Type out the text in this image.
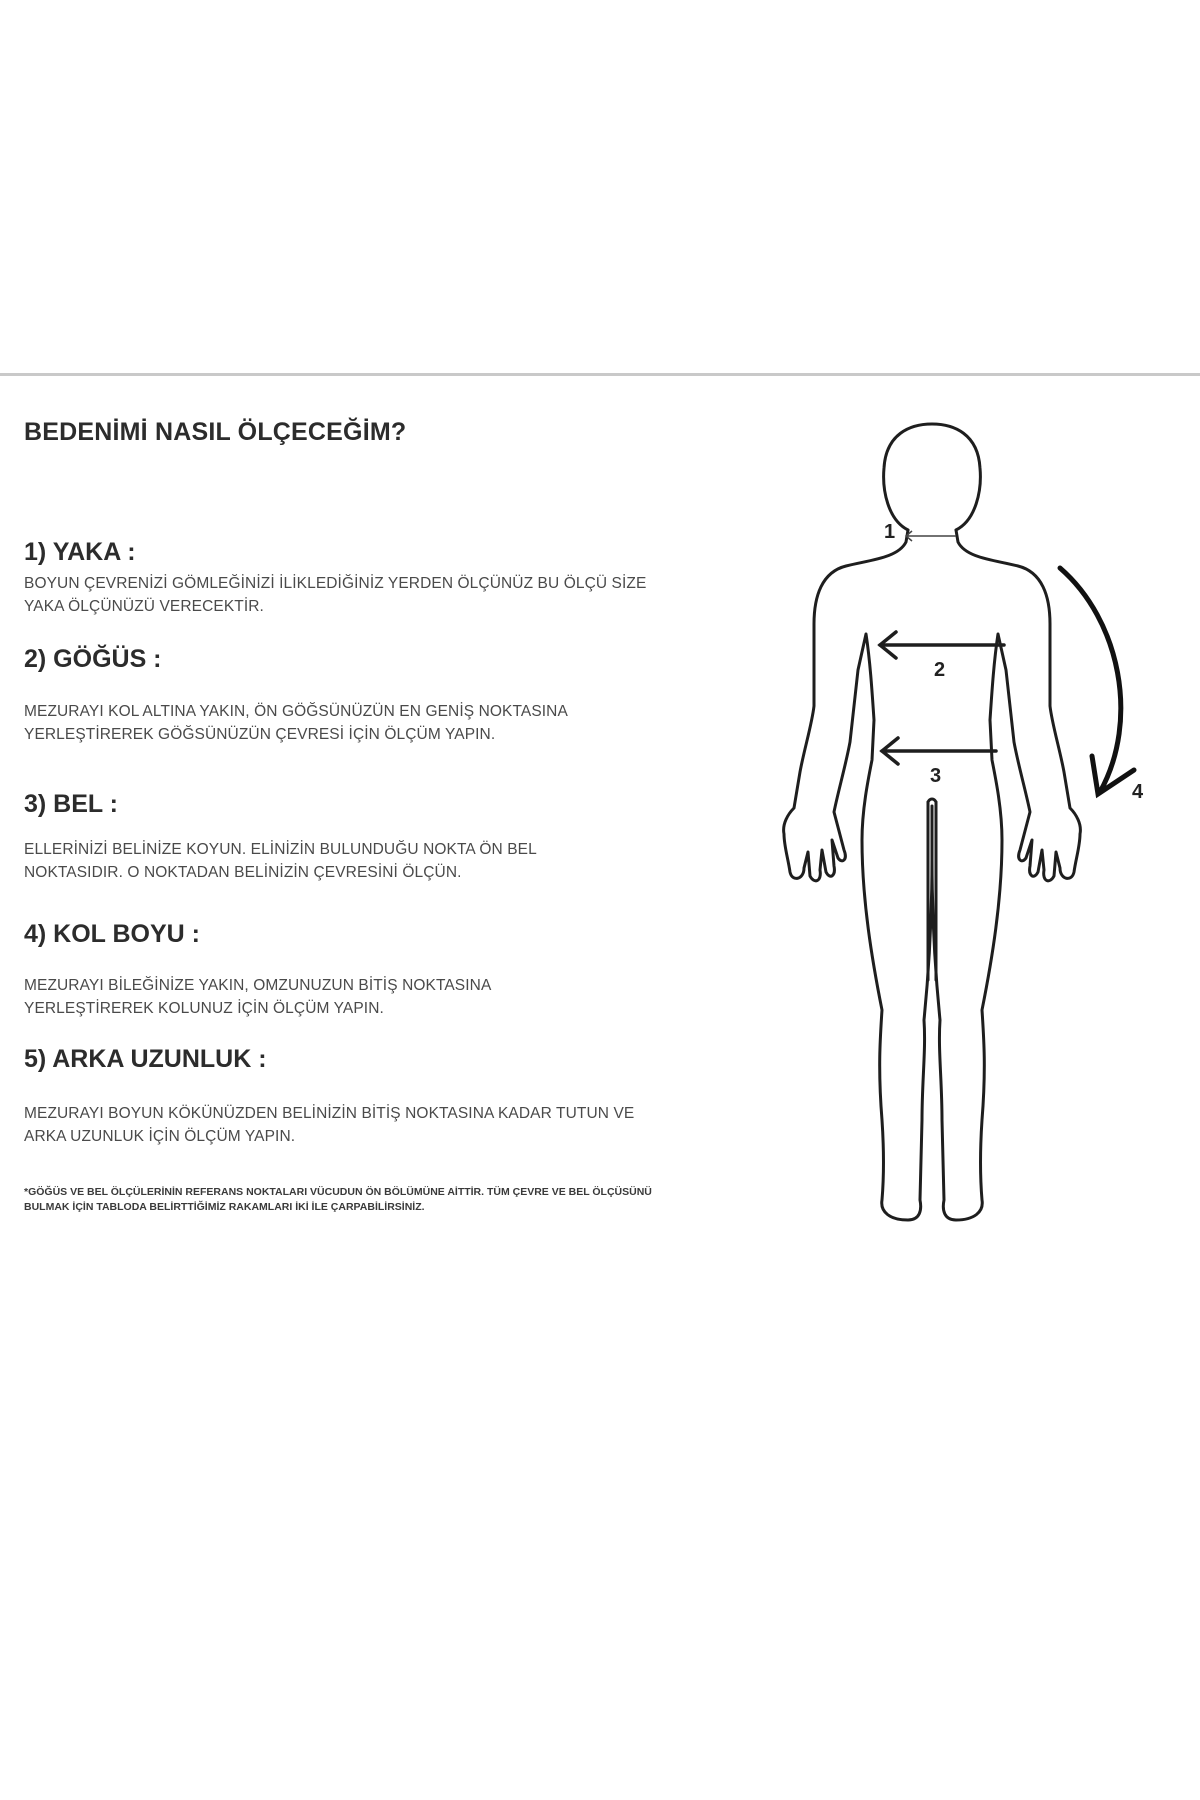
BEDENİMİ NASIL ÖLÇECEĞİM?
1) YAKA :
BOYUN ÇEVRENİZİ GÖMLEĞİNİZİ İLİKLEDİĞİNİZ YERDEN ÖLÇÜNÜZ BU ÖLÇÜ SİZE YAKA ÖLÇÜNÜZÜ VERECEKTİR.
2) GÖĞÜS :
MEZURAYI KOL ALTINA YAKIN, ÖN GÖĞSÜNÜZÜN EN GENİŞ NOKTASINA YERLEŞTİREREK GÖĞSÜNÜZÜN ÇEVRESİ İÇİN ÖLÇÜM YAPIN.
3) BEL :
ELLERİNİZİ BELİNİZE KOYUN. ELİNİZİN BULUNDUĞU NOKTA ÖN BEL NOKTASIDIR. O NOKTADAN BELİNİZİN ÇEVRESİNİ ÖLÇÜN.
4) KOL BOYU :
MEZURAYI BİLEĞİNİZE YAKIN, OMZUNUZUN BİTİŞ NOKTASINA YERLEŞTİREREK KOLUNUZ İÇİN ÖLÇÜM YAPIN.
5) ARKA UZUNLUK :
MEZURAYI BOYUN KÖKÜNÜZDEN BELİNİZİN BİTİŞ NOKTASINA KADAR TUTUN VE ARKA UZUNLUK İÇİN ÖLÇÜM YAPIN.
*GÖĞÜS VE BEL ÖLÇÜLERİNİN REFERANS NOKTALARI VÜCUDUN ÖN BÖLÜMÜNE AİTTİR. TÜM ÇEVRE VE BEL ÖLÇÜSÜNÜ BULMAK İÇİN TABLODA BELİRTTİĞİMİZ RAKAMLARI İKİ İLE ÇARPABİLİRSİNİZ.
1
2
3
4
